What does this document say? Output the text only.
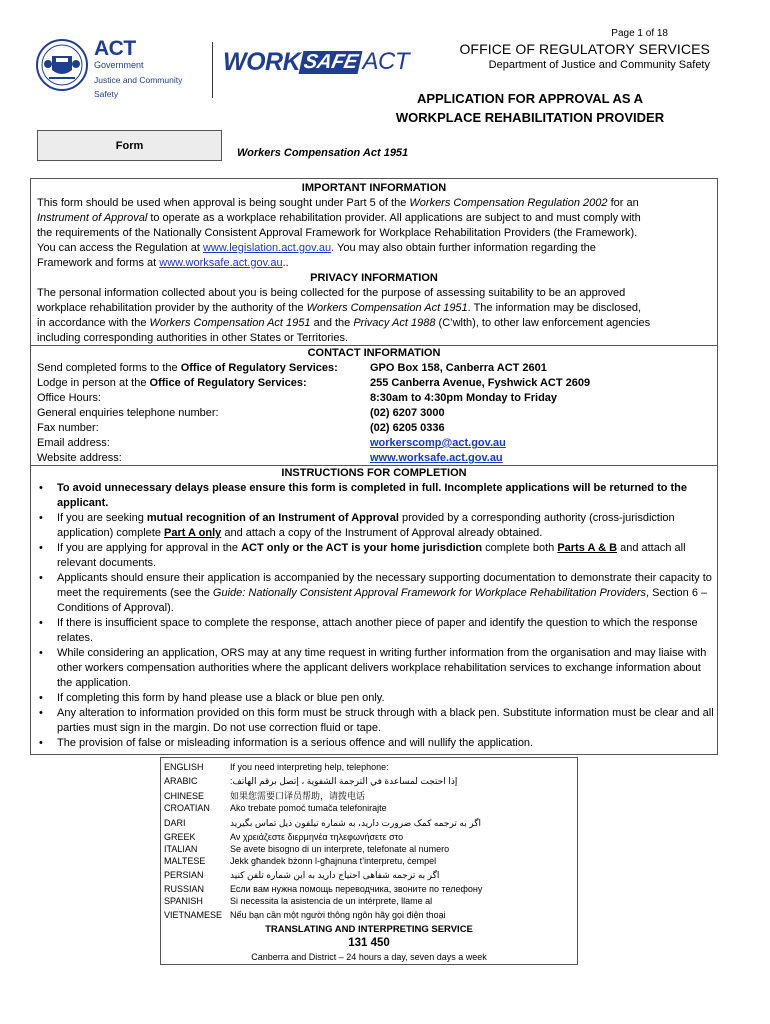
Page 1 of 18
OFFICE OF REGULATORY SERVICES
Department of Justice and Community Safety
APPLICATION FOR APPROVAL AS A
WORKPLACE REHABILITATION PROVIDER
ACT
Government
Justice and Community Safety
WORK SAFE ACT
Form
Workers Compensation Act 1951
IMPORTANT INFORMATION
This form should be used when approval is being sought under Part 5 of the Workers Compensation Regulation 2002 for an
Instrument of Approval to operate as a workplace rehabilitation provider. All applications are subject to and must comply with
the requirements of the Nationally Consistent Approval Framework for Workplace Rehabilitation Providers (the Framework).
You can access the Regulation at www.legislation.act.gov.au. You may also obtain further information regarding the
Framework and forms at www.worksafe.act.gov.au..
PRIVACY INFORMATION
The personal information collected about you is being collected for the purpose of assessing suitability to be an approved
workplace rehabilitation provider by the authority of the Workers Compensation Act 1951. The information may be disclosed,
in accordance with the Workers Compensation Act 1951 and the Privacy Act 1988 (C’wlth), to other law enforcement agencies
including corresponding authorities in other States or Territories.
CONTACT INFORMATION
Send completed forms to the Office of Regulatory Services:	GPO Box 158, Canberra ACT 2601
Lodge in person at the Office of Regulatory Services:	255 Canberra Avenue, Fyshwick ACT 2609
Office Hours:	8:30am to 4:30pm Monday to Friday
General enquiries telephone number:	(02) 6207 3000
Fax number:	(02) 6205 0336
Email address:	workerscomp@act.gov.au
Website address:	www.worksafe.act.gov.au
INSTRUCTIONS FOR COMPLETION
• To avoid unnecessary delays please ensure this form is completed in full. Incomplete applications will be returned to the applicant.
• If you are seeking mutual recognition of an Instrument of Approval provided by a corresponding authority (cross-jurisdiction application) complete Part A only and attach a copy of the Instrument of Approval already obtained.
• If you are applying for approval in the ACT only or the ACT is your home jurisdiction complete both Parts A & B and attach all relevant documents.
• Applicants should ensure their application is accompanied by the necessary supporting documentation to demonstrate their capacity to meet the requirements (see the Guide: Nationally Consistent Approval Framework for Workplace Rehabilitation Providers, Section 6 – Conditions of Approval).
• If there is insufficient space to complete the response, attach another piece of paper and identify the question to which the response relates.
• While considering an application, ORS may at any time request in writing further information from the organisation and may liaise with other workers compensation authorities where the applicant delivers workplace rehabilitation services to exchange information about the application.
• If completing this form by hand please use a black or blue pen only.
• Any alteration to information provided on this form must be struck through with a black pen. Substitute information must be clear and all parties must sign in the margin. Do not use correction fluid or tape.
• The provision of false or misleading information is a serious offence and will nullify the application.
ENGLISH	If you need interpreting help, telephone:
ARABIC	إذا احتجت لمساعدة في الترجمة الشفوية ، إتصل برقم الهاتف:
CHINESE	如果您需要口译员帮助，请拨电话
CROATIAN Ako trebate pomoć tumača telefonirajte
DARI	اگر به ترجمه کمک ضرورت داريد، به شماره تيلفون ذيل تماس بگيريد
GREEK	Αν χρειάζεστε διερμηνέα τηλεφωνήσετε στο
ITALIAN	Se avete bisogno di un interprete, telefonate al numero
MALTESE	Jekk għandek bżonn l-għajnuna t’interpretu, ċempel
PERSIAN	اگر به ترجمه شفاهی احتياج داريد به اين شماره تلفن کنيد
RUSSIAN	Если вам нужна помощь переводчика, звоните по телефону
SPANISH	Si necessita la asistencia de un intérprete, llame al
VIETNAMESE Nếu bạn cần một người thông ngôn hãy gọi điện thoại
TRANSLATING AND INTERPRETING SERVICE
131 450
Canberra and District – 24 hours a day, seven days a week
